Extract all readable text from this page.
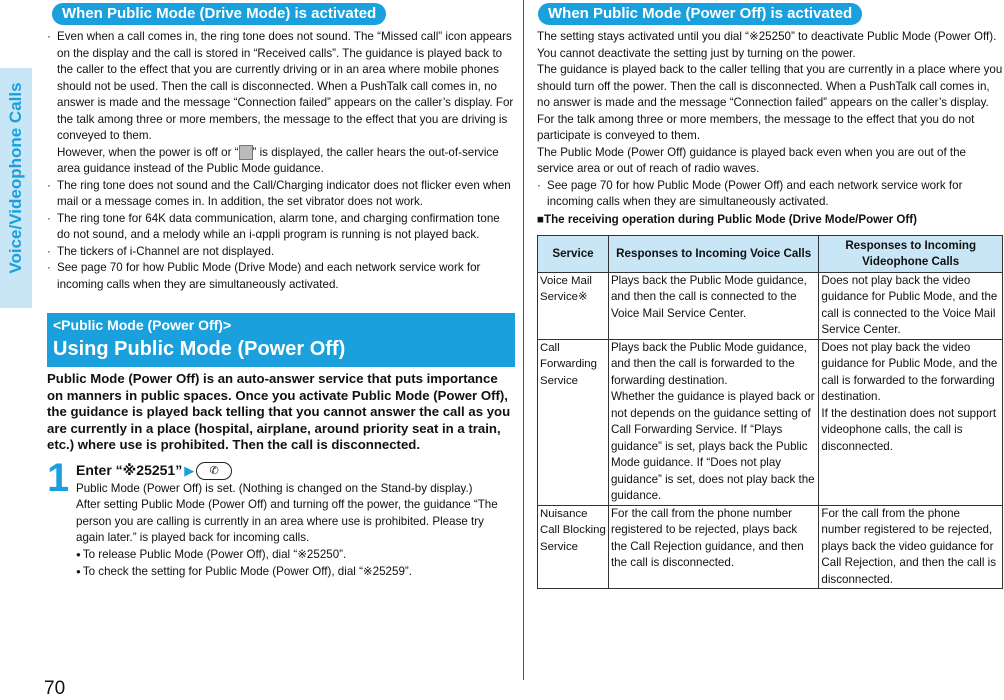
Voice/Videophone Calls
When Public Mode (Drive Mode) is activated
· Even when a call comes in, the ring tone does not sound. The “Missed call” icon appears on the display and the call is stored in “Received calls”. The guidance is played back to the caller to the effect that you are currently driving or in an area where mobile phones should not be used. Then the call is disconnected. When a PushTalk call comes in, no answer is made and the message “Connection failed” appears on the caller’s display. For the talk among three or more members, the message to the effect that you are driving is conveyed to them.
However, when the power is off or “ ” is displayed, the caller hears the out-of-service area guidance instead of the Public Mode guidance.
· The ring tone does not sound and the Call/Charging indicator does not flicker even when mail or a message comes in. In addition, the set vibrator does not work.
· The ring tone for 64K data communication, alarm tone, and charging confirmation tone do not sound, and a melody while an i-αppli program is running is not played back.
· The tickers of i-Channel are not displayed.
· See page 70 for how Public Mode (Drive Mode) and each network service work for incoming calls when they are simultaneously activated.
<Public Mode (Power Off)>
Using Public Mode (Power Off)
Public Mode (Power Off) is an auto-answer service that puts importance on manners in public spaces. Once you activate Public Mode (Power Off), the guidance is played back telling that you cannot answer the call as you are currently in a place (hospital, airplane, around priority seat in a train, etc.) where use is prohibited. Then the call is disconnected.
1 Enter “※25251” ▶ ✆

Public Mode (Power Off) is set. (Nothing is changed on the Stand-by display.)

After setting Public Mode (Power Off) and turning off the power, the guidance “The person you are calling is currently in an area where use is prohibited. Please try again later.” is played back for incoming calls.

● To release Public Mode (Power Off), dial “※25250”.

● To check the setting for Public Mode (Power Off), dial “※25259”.

When Public Mode (Power Off) is activated

The setting stays activated until you dial “※25250” to deactivate Public Mode (Power Off). You cannot deactivate the setting just by turning on the power.

The guidance is played back to the caller telling that you are currently in a place where you should turn off the power. Then the call is disconnected. When a PushTalk call comes in, no answer is made and the message “Connection failed” appears on the caller’s display. For the talk among three or more members, the message to the effect that you do not participate is conveyed to them.

The Public Mode (Power Off) guidance is played back even when you are out of the service area or out of reach of radio waves.

· See page 70 for how Public Mode (Power Off) and each network service work for incoming calls when they are simultaneously activated.
■ The receiving operation during Public Mode (Drive Mode/Power Off)
Service	Responses to Incoming Voice Calls	Responses to Incoming Videophone Calls
Voice Mail Service※	Plays back the Public Mode guidance, and then the call is connected to the Voice Mail Service Center.	Does not play back the video guidance for Public Mode, and the call is connected to the Voice Mail Service Center.
Call Forwarding Service	Plays back the Public Mode guidance, and then the call is forwarded to the forwarding destination.
Whether the guidance is played back or not depends on the guidance setting of Call Forwarding Service. If “Plays guidance” is set, plays back the Public Mode guidance. If “Does not play guidance” is set, does not play back the guidance.	Does not play back the video guidance for Public Mode, and the call is forwarded to the forwarding destination.
If the destination does not support videophone calls, the call is disconnected.
Nuisance Call Blocking Service	For the call from the phone number registered to be rejected, plays back the Call Rejection guidance, and then the call is disconnected.	For the call from the phone number registered to be rejected, plays back the video guidance for Call Rejection, and then the call is disconnected.
70
